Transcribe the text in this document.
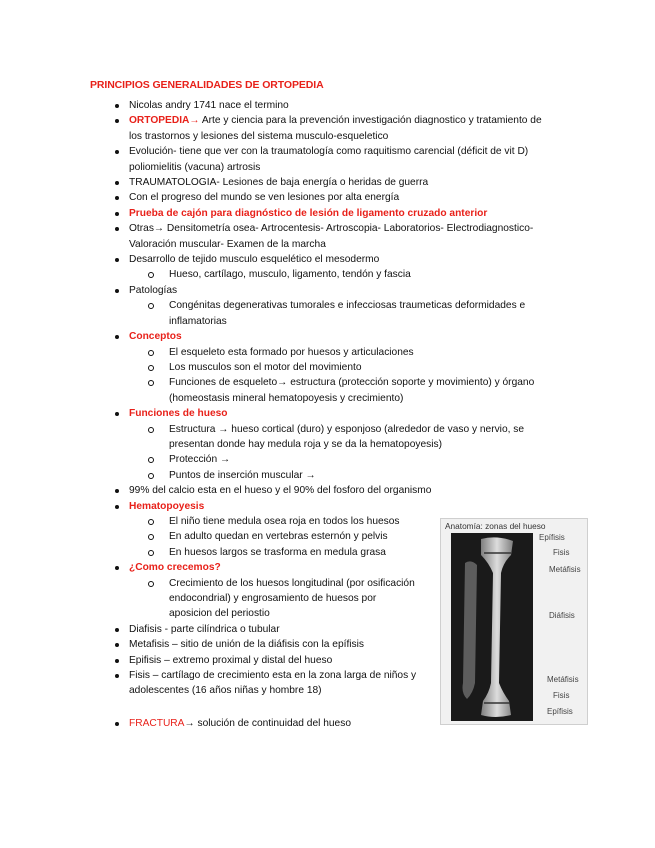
PRINCIPIOS GENERALIDADES DE ORTOPEDIA
Nicolas andry 1741 nace el termino
ORTOPEDIA→ Arte y ciencia para la prevención investigación diagnostico y tratamiento de
los trastornos y lesiones del sistema musculo-esqueletico
Evolución- tiene que ver con la traumatología como raquitismo carencial (déficit de vit D)
poliomielitis (vacuna) artrosis
TRAUMATOLOGIA- Lesiones de baja energía o heridas de guerra
Con el progreso del mundo se ven lesiones por alta energía
Prueba de cajón para diagnóstico de lesión de ligamento cruzado anterior
Otras→ Densitometría osea- Artrocentesis- Artroscopia- Laboratorios- Electrodiagnostico-
Valoración muscular- Examen de la marcha
Desarrollo de tejido musculo esquelético el mesodermo
Hueso, cartílago, musculo, ligamento, tendón y fascia
Patologías
Congénitas degenerativas tumorales e infecciosas traumeticas deformidades e
inflamatorias
Conceptos
El esqueleto esta formado por huesos y articulaciones
Los musculos son el motor del movimiento
Funciones de esqueleto→ estructura (protección soporte y movimiento) y órgano
(homeostasis mineral hematopoyesis y crecimiento)
Funciones de hueso
Estructura → hueso cortical (duro) y esponjoso (alrededor de vaso y nervio, se
presentan donde hay medula roja y se da la hematopoyesis)
Protección →
Puntos de inserción muscular →
99% del calcio esta en el hueso y el 90% del fosforo del organismo
Hematopoyesis
El niño tiene medula osea roja en todos los huesos
En adulto quedan en vertebras esternón y pelvis
En huesos largos se trasforma en medula grasa
¿Como crecemos?
Crecimiento de los huesos longitudinal (por osificación
endocondrial) y engrosamiento de huesos por
aposicion del periostio
Diafisis - parte cilíndrica o tubular
Metafisis – sitio de unión de la diáfisis con la epífisis
Epifisis – extremo proximal y distal del hueso
Fisis – cartílago de crecimiento esta en la zona larga de niños y
adolescentes (16 años niñas y hombre 18)
FRACTURA→ solución de continuidad del hueso
Anatomía: zonas del hueso
Epífisis
Fisis
Metáfisis
Diáfisis
Metáfisis
Fisis
Epífisis
